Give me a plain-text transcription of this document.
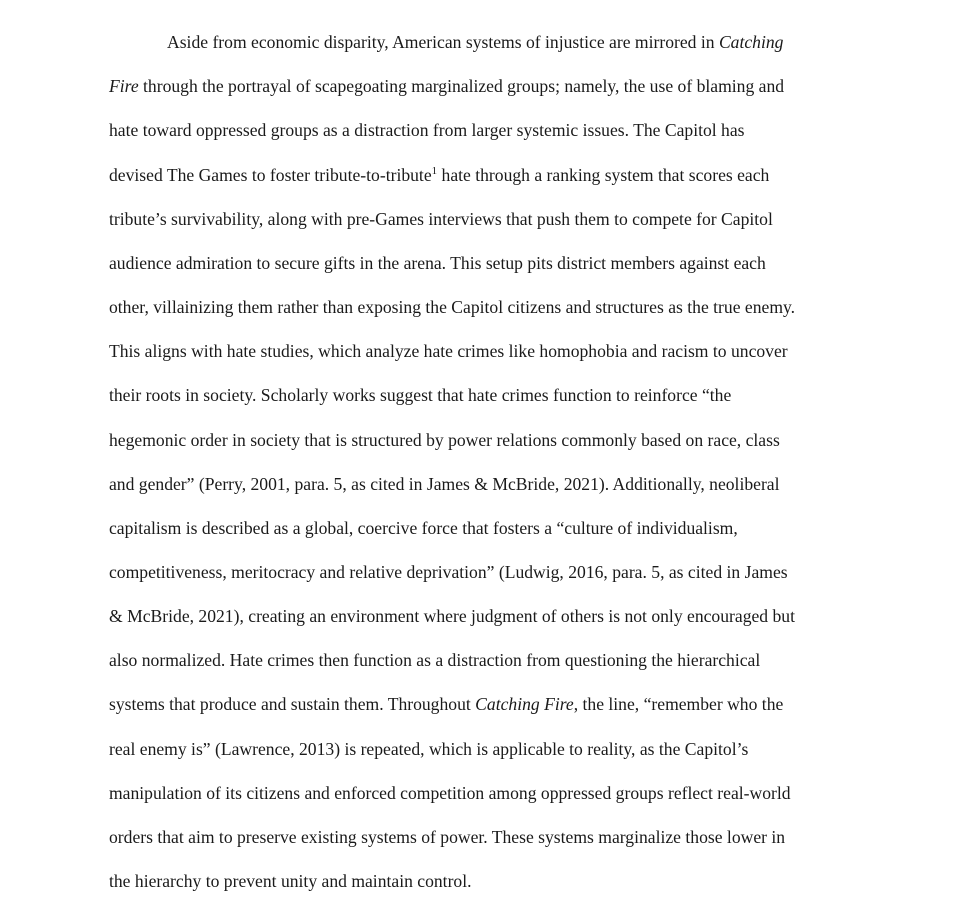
Aside from economic disparity, American systems of injustice are mirrored in Catching

Fire through the portrayal of scapegoating marginalized groups; namely, the use of blaming and

hate toward oppressed groups as a distraction from larger systemic issues. The Capitol has

devised The Games to foster tribute-to-tribute$^1$ hate through a ranking system that scores each

tribute’s survivability, along with pre-Games interviews that push them to compete for Capitol

audience admiration to secure gifts in the arena. This setup pits district members against each

other, villainizing them rather than exposing the Capitol citizens and structures as the true enemy.

This aligns with hate studies, which analyze hate crimes like homophobia and racism to uncover

their roots in society. Scholarly works suggest that hate crimes function to reinforce “the

hegemonic order in society that is structured by power relations commonly based on race, class

and gender” (Perry, 2001, para. 5, as cited in James & McBride, 2021). Additionally, neoliberal

capitalism is described as a global, coercive force that fosters a “culture of individualism,

competitiveness, meritocracy and relative deprivation” (Ludwig, 2016, para. 5, as cited in James

& McBride, 2021), creating an environment where judgment of others is not only encouraged but

also normalized. Hate crimes then function as a distraction from questioning the hierarchical

systems that produce and sustain them. Throughout Catching Fire, the line, “remember who the

real enemy is” (Lawrence, 2013) is repeated, which is applicable to reality, as the Capitol’s

manipulation of its citizens and enforced competition among oppressed groups reflect real-world

orders that aim to preserve existing systems of power. These systems marginalize those lower in

the hierarchy to prevent unity and maintain control.
